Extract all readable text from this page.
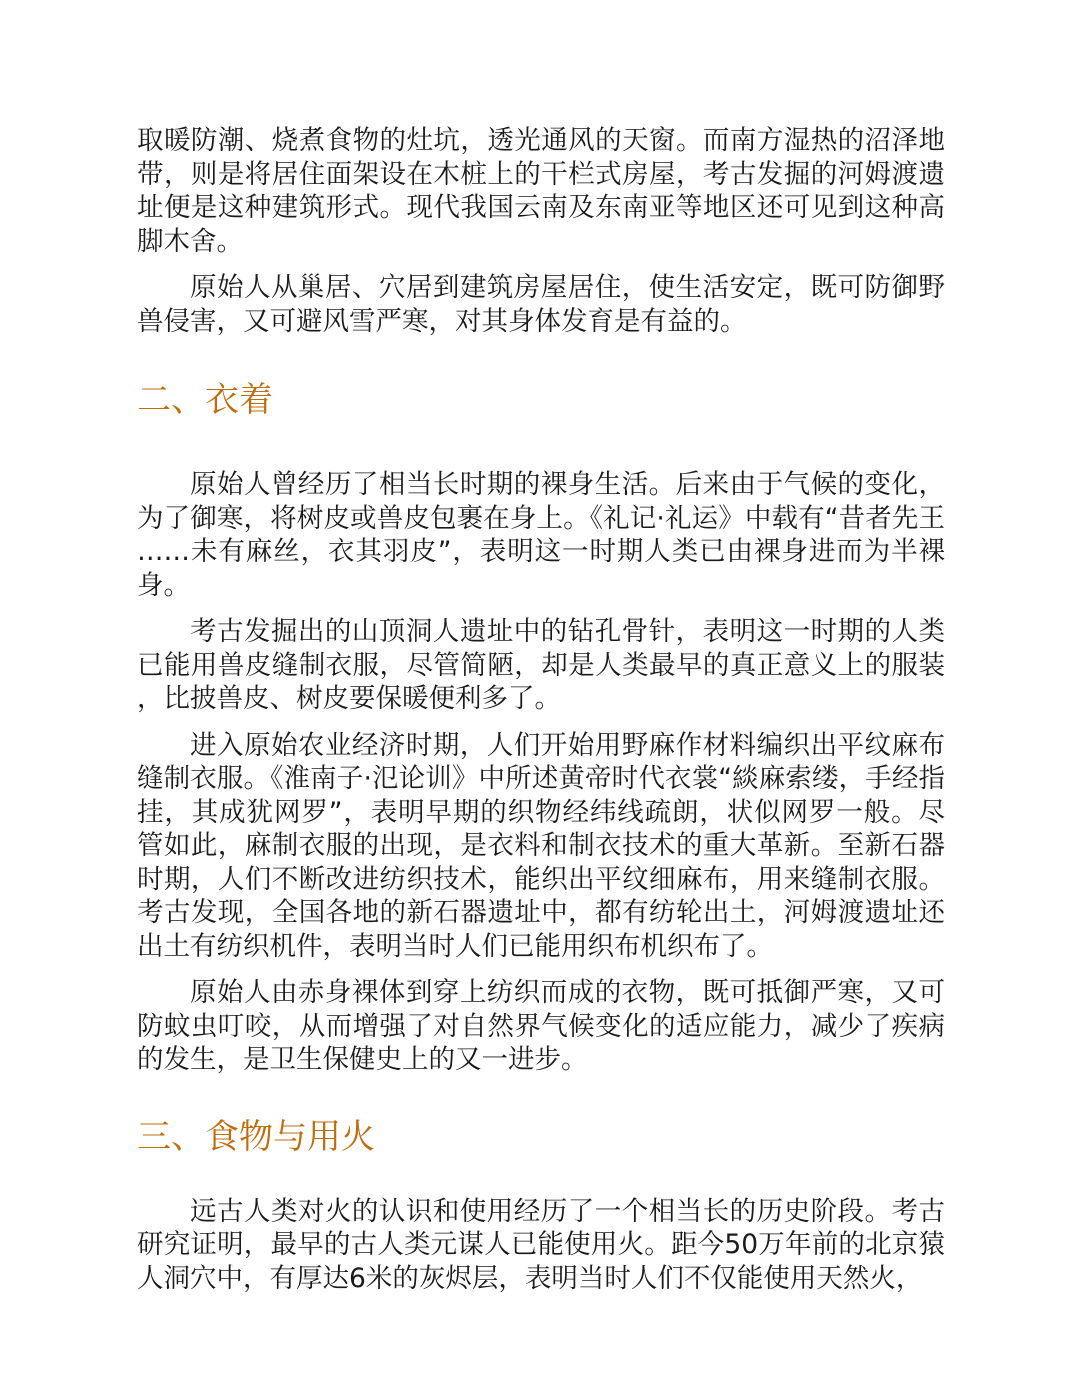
取暖防潮、烧煮食物的灶坑，透光通风的天窗。而南方湿热的沼泽地带，则是将居住面架设在木桩上的干栏式房屋，考古发掘的河姆渡遗址便是这种建筑形式。现代我国云南及东南亚等地区还可见到这种高脚木舍。

原始人从巢居、穴居到建筑房屋居住，使生活安定，既可防御野兽侵害，又可避风雪严寒，对其身体发育是有益的。

二、衣着

原始人曾经历了相当长时期的裸身生活。后来由于气候的变化，为了御寒，将树皮或兽皮包裹在身上。《礼记·礼运》中载有“昔者先王……未有麻丝，衣其羽皮”，表明这一时期人类已由裸身进而为半裸身。

考古发掘出的山顶洞人遗址中的钻孔骨针，表明这一时期的人类已能用兽皮缝制衣服，尽管简陋，却是人类最早的真正意义上的服装，比披兽皮、树皮要保暖便利多了。

进入原始农业经济时期，人们开始用野麻作材料编织出平纹麻布缝制衣服。《淮南子·氾论训》中所述黄帝时代衣裳“緂麻索缕，手经指挂，其成犹网罗”，表明早期的织物经纬线疏朗，状似网罗一般。尽管如此，麻制衣服的出现，是衣料和制衣技术的重大革新。至新石器时期，人们不断改进纺织技术，能织出平纹细麻布，用来缝制衣服。考古发现，全国各地的新石器遗址中，都有纺轮出土，河姆渡遗址还出土有纺织机件，表明当时人们已能用织布机织布了。

原始人由赤身裸体到穿上纺织而成的衣物，既可抵御严寒，又可防蚊虫叮咬，从而增强了对自然界气候变化的适应能力，减少了疾病的发生，是卫生保健史上的又一进步。

三、食物与用火

远古人类对火的认识和使用经历了一个相当长的历史阶段。考古研究证明，最早的古人类元谋人已能使用火。距今50万年前的北京猿人洞穴中，有厚达6米的灰烬层，表明当时人们不仅能使用天然火，
